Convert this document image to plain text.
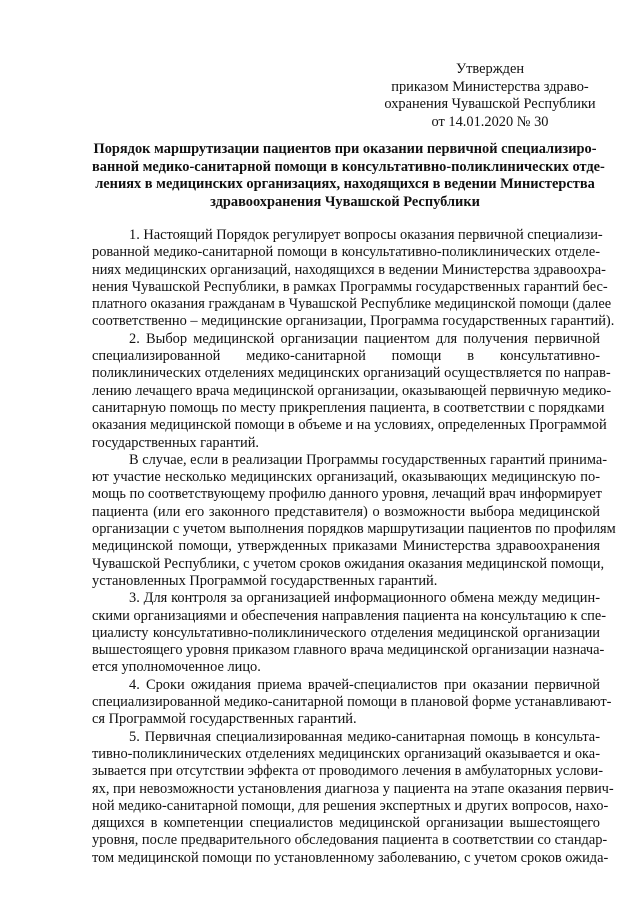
Утвержден
приказом Министерства здраво-
охранения Чувашской Республики
от 14.01.2020 № 30
Порядок маршрутизации пациентов при оказании первичной специализиро-
ванной медико-санитарной помощи в консультативно-поликлинических отде-
лениях в медицинских организациях, находящихся в ведении Министерства
здравоохранения Чувашской Республики
1. Настоящий Порядок регулирует вопросы оказания первичной специализи-
рованной медико-санитарной помощи в консультативно-поликлинических отделе-
ниях медицинских организаций, находящихся в ведении Министерства здравоохра-
нения Чувашской Республики, в рамках Программы государственных гарантий бес-
платного оказания гражданам в Чувашской Республике медицинской помощи (далее
соответственно – медицинские организации, Программа государственных гарантий).
2. Выбор медицинской организации пациентом для получения первичной
специализированной медико-санитарной помощи в консультативно-
поликлинических отделениях медицинских организаций осуществляется по направ-
лению лечащего врача медицинской организации, оказывающей первичную медико-
санитарную помощь по месту прикрепления пациента, в соответствии с порядками
оказания медицинской помощи в объеме и на условиях, определенных Программой
государственных гарантий.
В случае, если в реализации Программы государственных гарантий принима-
ют участие несколько медицинских организаций, оказывающих медицинскую по-
мощь по соответствующему профилю данного уровня, лечащий врач информирует
пациента (или его законного представителя) о возможности выбора медицинской
организации с учетом выполнения порядков маршрутизации пациентов по профилям
медицинской помощи, утвержденных приказами Министерства здравоохранения
Чувашской Республики, с учетом сроков ожидания оказания медицинской помощи,
установленных Программой государственных гарантий.
3. Для контроля за организацией информационного обмена между медицин-
скими организациями и обеспечения направления пациента на консультацию к спе-
циалисту консультативно-поликлинического отделения медицинской организации
вышестоящего уровня приказом главного врача медицинской организации назнача-
ется уполномоченное лицо.
4. Сроки ожидания приема врачей-специалистов при оказании первичной
специализированной медико-санитарной помощи в плановой форме устанавливают-
ся Программой государственных гарантий.
5. Первичная специализированная медико-санитарная помощь в консульта-
тивно-поликлинических отделениях медицинских организаций оказывается и ока-
зывается при отсутствии эффекта от проводимого лечения в амбулаторных услови-
ях, при невозможности установления диагноза у пациента на этапе оказания первич-
ной медико-санитарной помощи, для решения экспертных и других вопросов, нахо-
дящихся в компетенции специалистов медицинской организации вышестоящего
уровня, после предварительного обследования пациента в соответствии со стандар-
том медицинской помощи по установленному заболеванию, с учетом сроков ожида-
